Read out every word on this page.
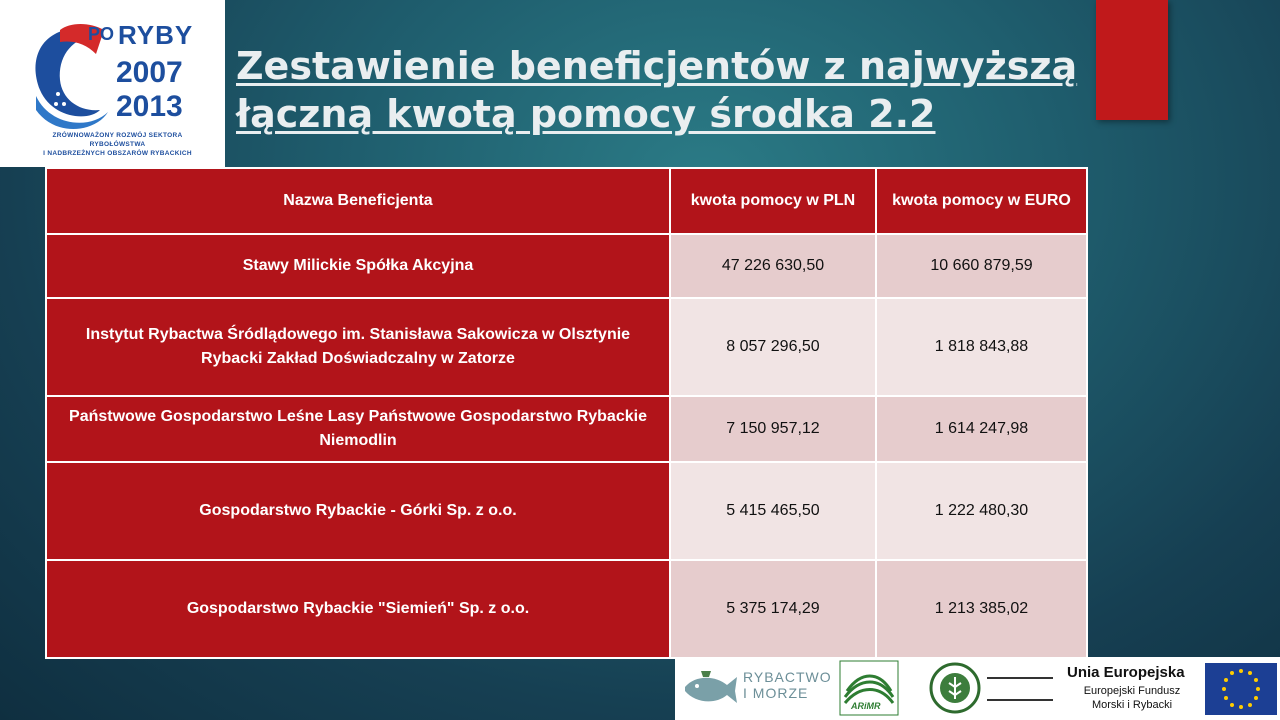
PO RYBY
2007
2013
ZRÓWNOWAŻONY ROZWÓJ SEKTORA RYBOŁÓWSTWA
I NADBRZEŻNYCH OBSZARÓW RYBACKICH
Zestawienie beneficjentów z najwyższą
łączną kwotą pomocy środka 2.2
Nazwa Beneficjenta	kwota pomocy w PLN	kwota pomocy w EURO
Stawy Milickie Spółka Akcyjna	47 226 630,50	10 660 879,59
Instytut Rybactwa Śródlądowego im. Stanisława Sakowicza w Olsztynie Rybacki Zakład Doświadczalny w Zatorze	8 057 296,50	1 818 843,88
Państwowe Gospodarstwo Leśne Lasy Państwowe Gospodarstwo Rybackie Niemodlin	7 150 957,12	1 614 247,98
Gospodarstwo Rybackie - Górki Sp. z o.o.	5 415 465,50	1 222 480,30
Gospodarstwo Rybackie "Siemień" Sp. z o.o.	5 375 174,29	1 213 385,02
RYBACTWO
I MORZE
ARiMR
Unia Europejska
Europejski Fundusz
Morski i Rybacki
